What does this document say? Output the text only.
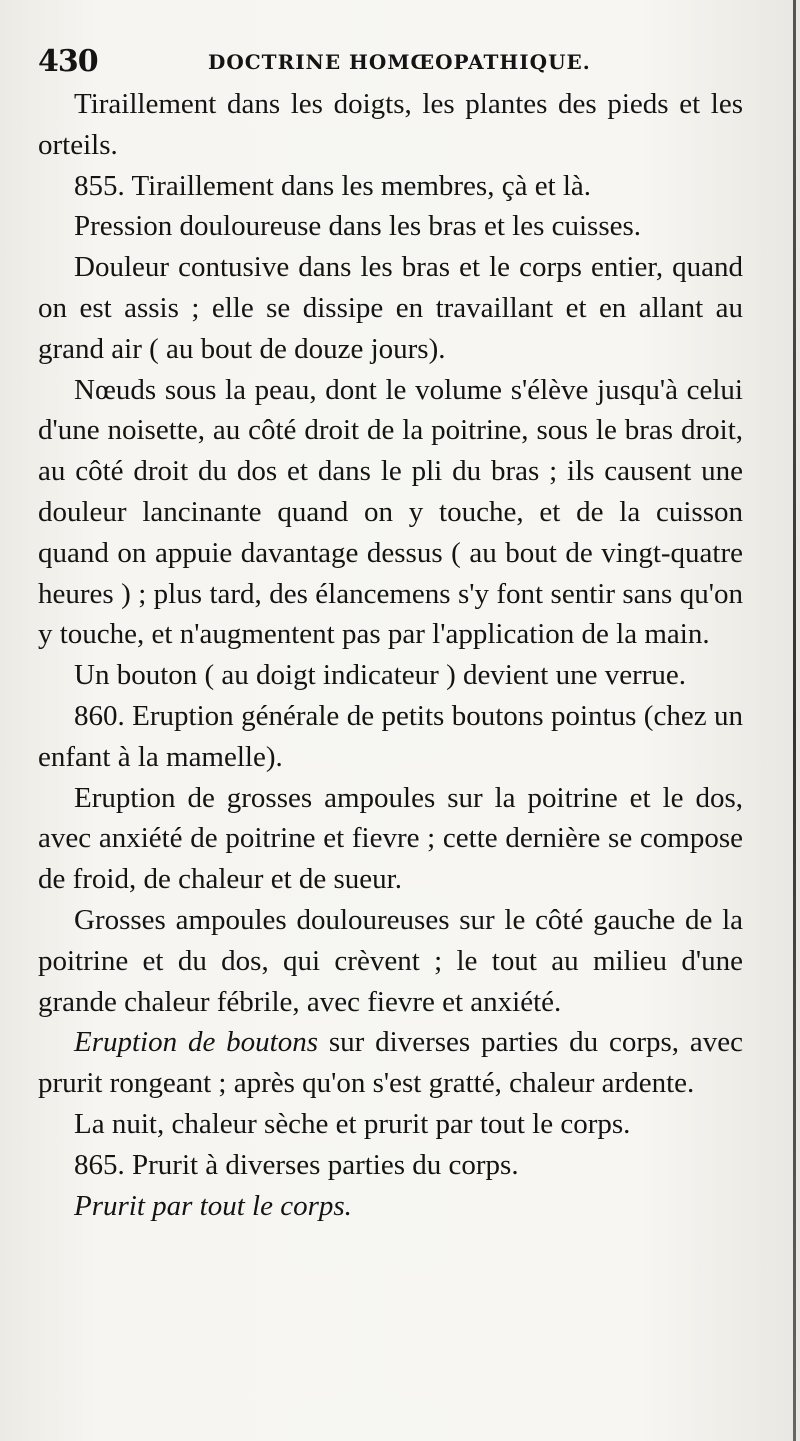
430	DOCTRINE HOMŒOPATHIQUE.

Tiraillement dans les doigts, les plantes des pieds et les orteils.

855. Tiraillement dans les membres, çà et là.

Pression douloureuse dans les bras et les cuisses.

Douleur contusive dans les bras et le corps entier, quand on est assis ; elle se dissipe en travaillant et en allant au grand air ( au bout de douze jours).

Nœuds sous la peau, dont le volume s'élève jusqu'à celui d'une noisette, au côté droit de la poitrine, sous le bras droit, au côté droit du dos et dans le pli du bras ; ils causent une douleur lancinante quand on y touche, et de la cuisson quand on appuie davantage dessus ( au bout de vingt-quatre heures ) ; plus tard, des élancemens s'y font sentir sans qu'on y touche, et n'augmentent pas par l'application de la main.

Un bouton ( au doigt indicateur ) devient une verrue.

860. Eruption générale de petits boutons pointus (chez un enfant à la mamelle).

Eruption de grosses ampoules sur la poitrine et le dos, avec anxiété de poitrine et fievre ; cette dernière se compose de froid, de chaleur et de sueur.

Grosses ampoules douloureuses sur le côté gauche de la poitrine et du dos, qui crèvent ; le tout au milieu d'une grande chaleur fébrile, avec fievre et anxiété.

Eruption de boutons sur diverses parties du corps, avec prurit rongeant ; après qu'on s'est gratté, chaleur ardente.

La nuit, chaleur sèche et prurit par tout le corps.

865. Prurit à diverses parties du corps.

Prurit par tout le corps.
